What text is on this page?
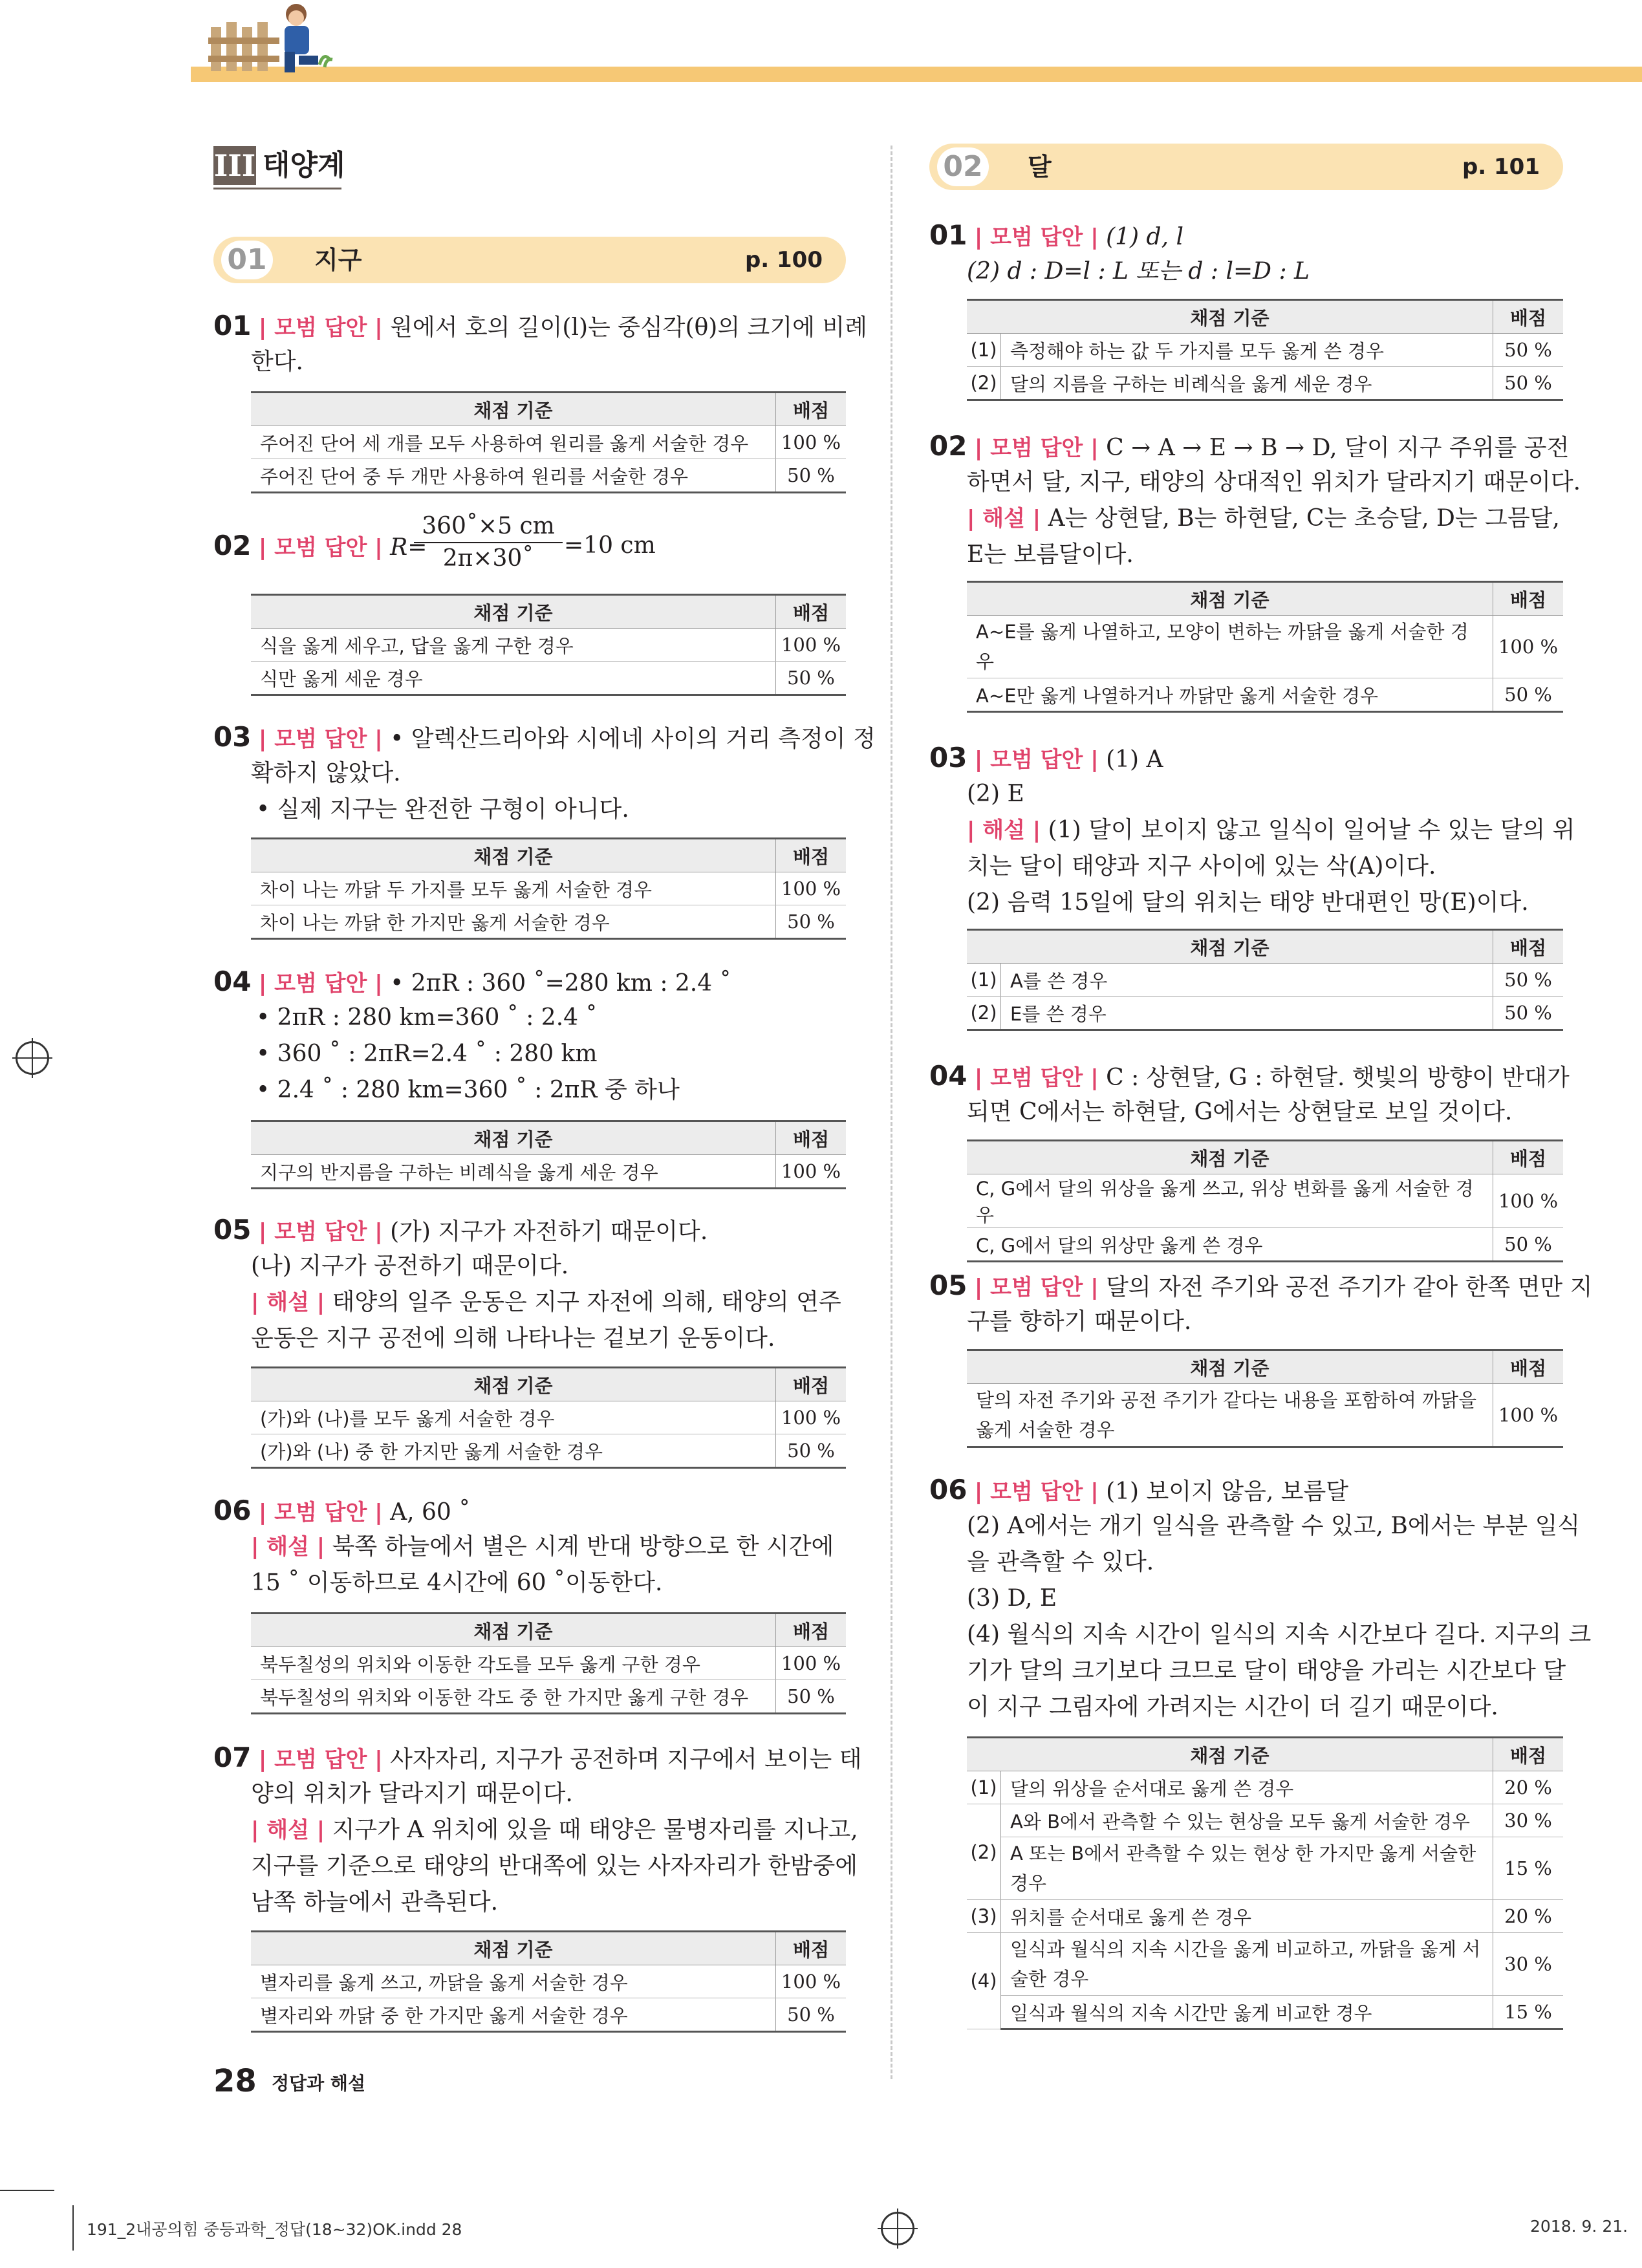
III 태양계
01 지구	p. 100
02 달	p. 101
01 | 모범 답안 | 원에서 호의 길이(l)는 중심각(θ)의 크기에 비례
한다.
채점 기준	배점
주어진 단어 세 개를 모두 사용하여 원리를 옳게 서술한 경우	100 %
주어진 단어 중 두 개만 사용하여 원리를 서술한 경우	50 %
02 | 모범 답안 | R=
$\frac{360˚\times 5 cm}{2\pi\times 30˚} =10$ cm
채점 기준	배점
식을 옳게 세우고, 답을 옳게 구한 경우	100 %
식만 옳게 세운 경우	50 %
03 | 모범 답안 | • 알렉산드리아와 시에네 사이의 거리 측정이 정
확하지 않았다.
• 실제 지구는 완전한 구형이 아니다.
채점 기준	배점
차이 나는 까닭 두 가지를 모두 옳게 서술한 경우	100 %
차이 나는 까닭 한 가지만 옳게 서술한 경우	50 %
04 | 모범 답안 | • 2πR : 360 ˚=280 km : 2.4 ˚
• 2πR : 280 km=360 ˚ : 2.4 ˚
• 360 ˚ : 2πR=2.4 ˚ : 280 km
• 2.4 ˚ : 280 km=360 ˚ : 2πR 중 하나
채점 기준	배점
지구의 반지름을 구하는 비례식을 옳게 세운 경우	100 %
05 | 모범 답안 | (가) 지구가 자전하기 때문이다.
(나) 지구가 공전하기 때문이다.
| 해설 | 태양의 일주 운동은 지구 자전에 의해, 태양의 연주
운동은 지구 공전에 의해 나타나는 겉보기 운동이다.
채점 기준	배점
(가)와 (나)를 모두 옳게 서술한 경우	100 %
(가)와 (나) 중 한 가지만 옳게 서술한 경우	50 %
06 | 모범 답안 | A, 60 ˚
| 해설 | 북쪽 하늘에서 별은 시계 반대 방향으로 한 시간에
15 ˚ 이동하므로 4시간에 60 ˚이동한다.
채점 기준	배점
북두칠성의 위치와 이동한 각도를 모두 옳게 구한 경우	100 %
북두칠성의 위치와 이동한 각도 중 한 가지만 옳게 구한 경우	50 %
07 | 모범 답안 | 사자자리, 지구가 공전하며 지구에서 보이는 태
양의 위치가 달라지기 때문이다.
| 해설 | 지구가 A 위치에 있을 때 태양은 물병자리를 지나고,
지구를 기준으로 태양의 반대쪽에 있는 사자자리가 한밤중에
남쪽 하늘에서 관측된다.
채점 기준	배점
별자리를 옳게 쓰고, 까닭을 옳게 서술한 경우	100 %
별자리와 까닭 중 한 가지만 옳게 서술한 경우	50 %
01 | 모범 답안 | (1) d, l
(2) d : D=l : L 또는 d : l=D : L
채점 기준		배점
(1)	측정해야 하는 값 두 가지를 모두 옳게 쓴 경우	50 %
(2)	달의 지름을 구하는 비례식을 옳게 세운 경우	50 %
02 | 모범 답안 | C → A → E → B → D, 달이 지구 주위를 공전
하면서 달, 지구, 태양의 상대적인 위치가 달라지기 때문이다.
| 해설 | A는 상현달, B는 하현달, C는 초승달, D는 그믐달,
E는 보름달이다.
채점 기준	배점
A~E를 옳게 나열하고, 모양이 변하는 까닭을 옳게 서술한 경우	100 %
A~E만 옳게 나열하거나 까닭만 옳게 서술한 경우	50 %
03 | 모범 답안 | (1) A
(2) E
| 해설 | (1) 달이 보이지 않고 일식이 일어날 수 있는 달의 위
치는 달이 태양과 지구 사이에 있는 삭(A)이다.
(2) 음력 15일에 달의 위치는 태양 반대편인 망(E)이다.
채점 기준		배점
(1)	A를 쓴 경우	50 %
(2)	E를 쓴 경우	50 %
04 | 모범 답안 | C : 상현달, G : 하현달. 햇빛의 방향이 반대가
되면 C에서는 하현달, G에서는 상현달로 보일 것이다.
채점 기준	배점
C, G에서 달의 위상을 옳게 쓰고, 위상 변화를 옳게 서술한 경우	100 %
C, G에서 달의 위상만 옳게 쓴 경우	50 %
05 | 모범 답안 | 달의 자전 주기와 공전 주기가 같아 한쪽 면만 지
구를 향하기 때문이다.
채점 기준	배점
달의 자전 주기와 공전 주기가 같다는 내용을 포함하여 까닭을 옳게 서술한 경우	100 %
06 | 모범 답안 | (1) 보이지 않음, 보름달
(2) A에서는 개기 일식을 관측할 수 있고, B에서는 부분 일식
을 관측할 수 있다.
(3) D, E
(4) 월식의 지속 시간이 일식의 지속 시간보다 길다. 지구의 크
기가 달의 크기보다 크므로 달이 태양을 가리는 시간보다 달
이 지구 그림자에 가려지는 시간이 더 길기 때문이다.
채점 기준		배점
(1)	달의 위상을 순서대로 옳게 쓴 경우	20 %
(2)	A와 B에서 관측할 수 있는 현상을 모두 옳게 서술한 경우	30 %
	A 또는 B에서 관측할 수 있는 현상 한 가지만 옳게 서술한 경우	15 %
(3)	위치를 순서대로 옳게 쓴 경우	20 %
(4)	일식과 월식의 지속 시간을 옳게 비교하고, 까닭을 옳게 서술한 경우	30 %
	일식과 월식의 지속 시간만 옳게 비교한 경우	15 %
28 정답과 해설
191_2내공의힘 중등과학_정답(18~32)OK.indd 28	2018. 9. 21.
